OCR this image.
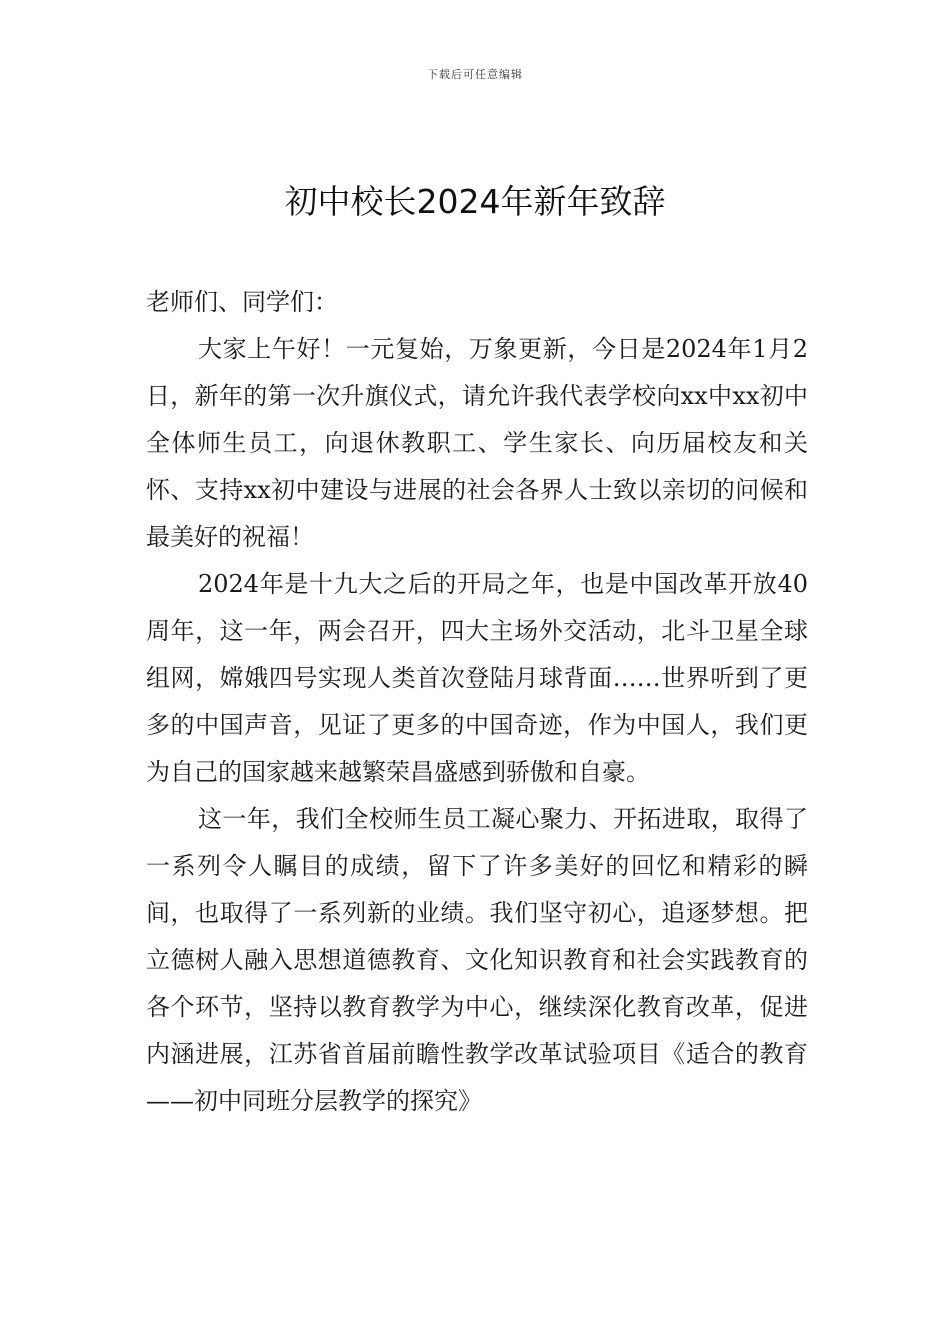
下载后可任意编辑
初中校长2024年新年致辞

老师们、同学们：

大家上午好！一元复始，万象更新，今日是2024年1月2日，新年的第一次升旗仪式，请允许我代表学校向xx中xx初中全体师生员工，向退休教职工、学生家长、向历届校友和关怀、支持xx初中建设与进展的社会各界人士致以亲切的问候和最美好的祝福！

2024年是十九大之后的开局之年，也是中国改革开放40周年，这一年，两会召开，四大主场外交活动，北斗卫星全球组网，嫦娥四号实现人类首次登陆月球背面……世界听到了更多的中国声音，见证了更多的中国奇迹，作为中国人，我们更为自己的国家越来越繁荣昌盛感到骄傲和自豪。

这一年，我们全校师生员工凝心聚力、开拓进取，取得了一系列令人瞩目的成绩，留下了许多美好的回忆和精彩的瞬间，也取得了一系列新的业绩。我们坚守初心，追逐梦想。把立德树人融入思想道德教育、文化知识教育和社会实践教育的各个环节，坚持以教育教学为中心，继续深化教育改革，促进内涵进展，江苏省首届前瞻性教学改革试验项目《适合的教育——初中同班分层教学的探究》
